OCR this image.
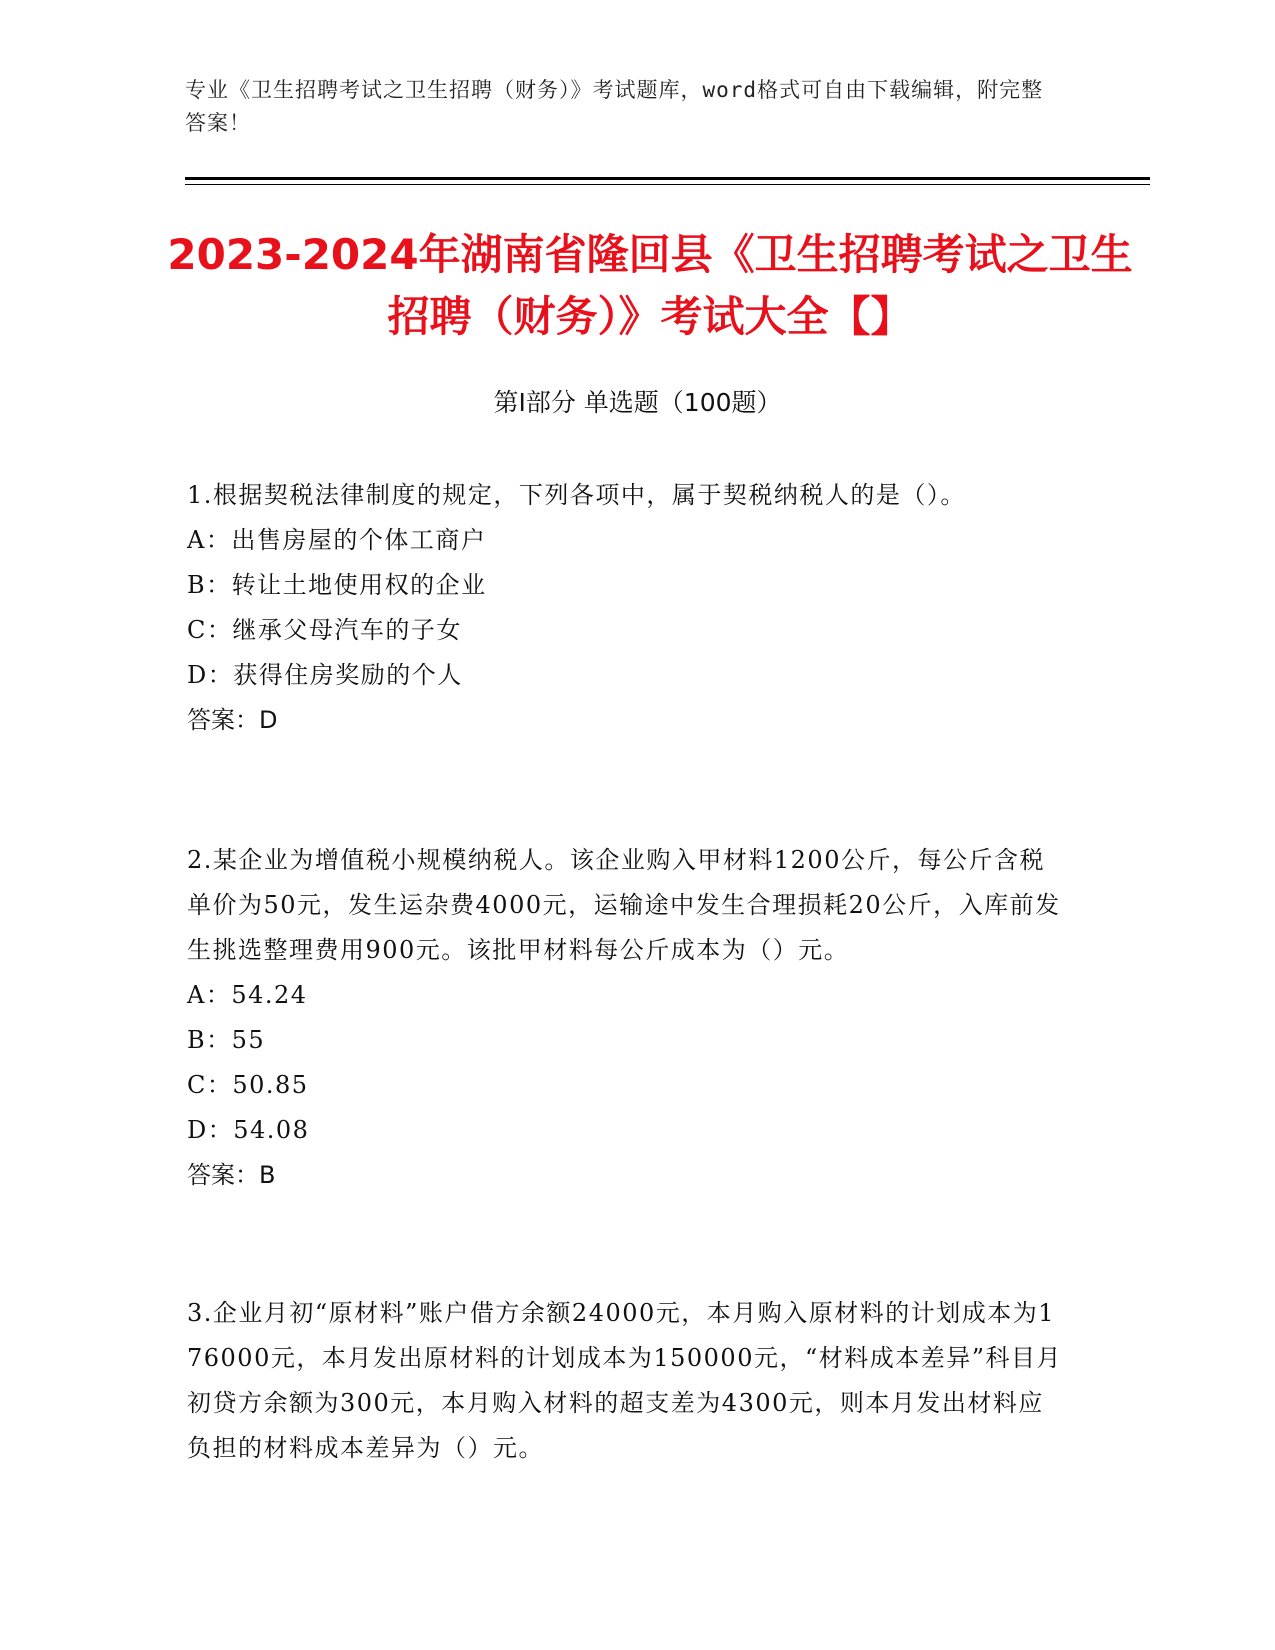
专业《卫生招聘考试之卫生招聘（财务）》考试题库，word格式可自由下载编辑，附完整答案！
2023-2024年湖南省隆回县《卫生招聘考试之卫生招聘（财务）》考试大全【】
第I部分 单选题（100题）
1.根据契税法律制度的规定，下列各项中，属于契税纳税人的是（）。
A：出售房屋的个体工商户
B：转让土地使用权的企业
C：继承父母汽车的子女
D：获得住房奖励的个人
答案：D
2.某企业为增值税小规模纳税人。该企业购入甲材料1200公斤，每公斤含税单价为50元，发生运杂费4000元，运输途中发生合理损耗20公斤，入库前发生挑选整理费用900元。该批甲材料每公斤成本为（）元。
A：54.24
B：55
C：50.85
D：54.08
答案：B
3.企业月初“原材料”账户借方余额24000元，本月购入原材料的计划成本为176000元，本月发出原材料的计划成本为150000元，“材料成本差异”科目月初贷方余额为300元，本月购入材料的超支差为4300元，则本月发出材料应负担的材料成本差异为（）元。
